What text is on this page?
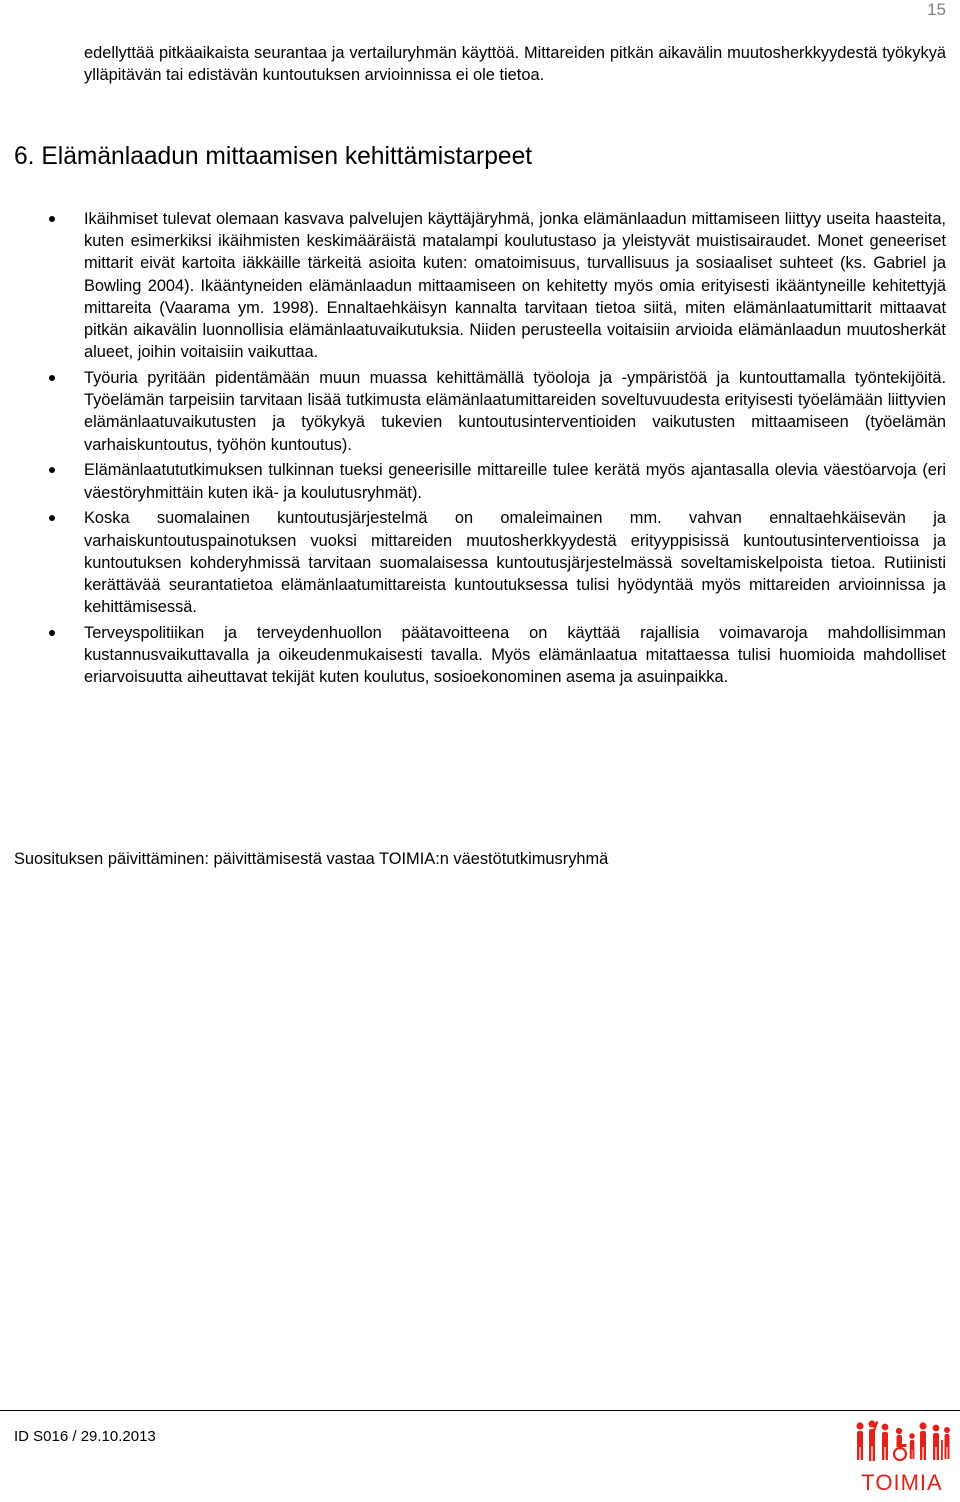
15

edellyttää pitkäaikaista seurantaa ja vertailuryhmän käyttöä. Mittareiden pitkän aikavälin muutosherkkyydestä työkykyä ylläpitävän tai edistävän kuntoutuksen arvioinnissa ei ole tietoa.

6. Elämänlaadun mittaamisen kehittämistarpeet
Ikäihmiset tulevat olemaan kasvava palvelujen käyttäjäryhmä, jonka elämänlaadun mittamiseen liittyy useita haasteita, kuten esimerkiksi ikäihmisten keskimääräistä matalampi koulutustaso ja yleistyvät muistisairaudet. Monet geneeriset mittarit eivät kartoita iäkkäille tärkeitä asioita kuten: omatoimisuus, turvallisuus ja sosiaaliset suhteet (ks. Gabriel ja Bowling 2004). Ikääntyneiden elämänlaadun mittaamiseen on kehitetty myös omia erityisesti ikääntyneille kehitettyjä mittareita (Vaarama ym. 1998). Ennaltaehkäisyn kannalta tarvitaan tietoa siitä, miten elämänlaatumittarit mittaavat pitkän aikavälin luonnollisia elämänlaatuvaikutuksia. Niiden perusteella voitaisiin arvioida elämänlaadun muutosherkät alueet, joihin voitaisiin vaikuttaa.
Työuria pyritään pidentämään muun muassa kehittämällä työoloja ja -ympäristöä ja kuntouttamalla työntekijöitä. Työelämän tarpeisiin tarvitaan lisää tutkimusta elämänlaatumittareiden soveltuvuudesta erityisesti työelämään liittyvien elämänlaatuvaikutusten ja työkykyä tukevien kuntoutusinterventioiden vaikutusten mittaamiseen (työelämän varhaiskuntoutus, työhön kuntoutus).
Elämänlaatututkimuksen tulkinnan tueksi geneerisille mittareille tulee kerätä myös ajantasalla olevia väestöarvoja (eri väestöryhmittäin kuten ikä- ja koulutusryhmät).
Koska suomalainen kuntoutusjärjestelmä on omaleimainen mm. vahvan ennaltaehkäisevän ja varhaiskuntoutuspainotuksen vuoksi mittareiden muutosherkkyydestä erityyppisissä kuntoutusinterventioissa ja kuntoutuksen kohderyhmissä tarvitaan suomalaisessa kuntoutusjärjestelmässä soveltamiskelpoista tietoa. Rutiinisti kerättävää seurantatietoa elämänlaatumittareista kuntoutuksessa tulisi hyödyntää myös mittareiden arvioinnissa ja kehittämisessä.
Terveyspolitiikan ja terveydenhuollon päätavoitteena on käyttää rajallisia voimavaroja mahdollisimman kustannusvaikuttavalla ja oikeudenmukaisesti tavalla. Myös elämänlaatua mitattaessa tulisi huomioida mahdolliset eriarvoisuutta aiheuttavat tekijät kuten koulutus, sosioekonominen asema ja asuinpaikka.

Suosituksen päivittäminen: päivittämisestä vastaa TOIMIA:n väestötutkimusryhmä

ID S016 / 29.10.2013
TOIMIA
